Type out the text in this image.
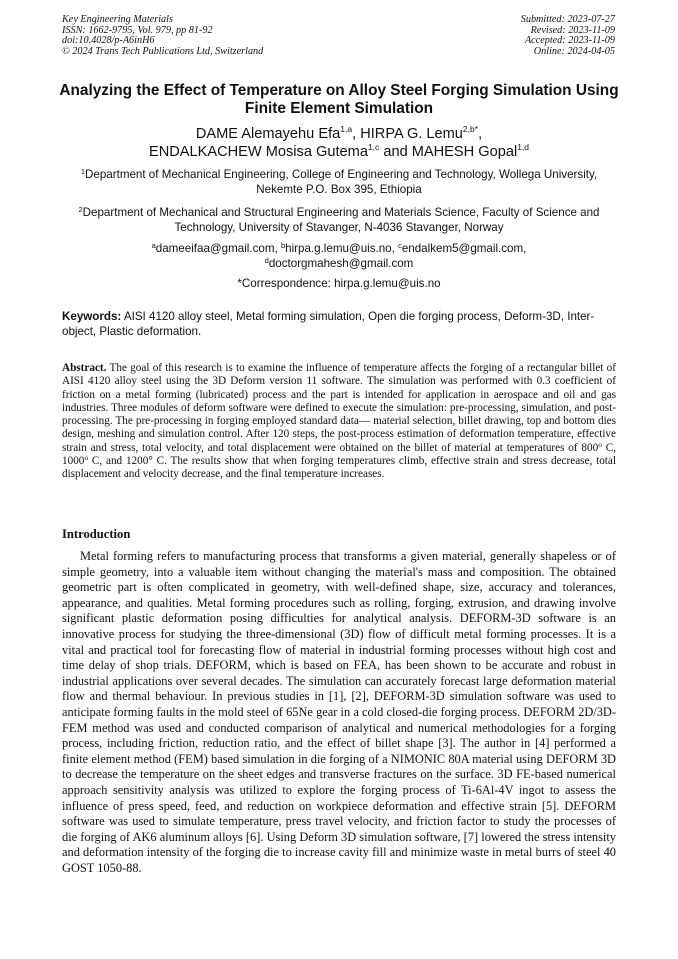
Key Engineering Materials
ISSN: 1662-9795, Vol. 979, pp 81-92
doi:10.4028/p-A6inH6
© 2024 Trans Tech Publications Ltd, Switzerland
Submitted: 2023-07-27
Revised: 2023-11-09
Accepted: 2023-11-09
Online: 2024-04-05
Analyzing the Effect of Temperature on Alloy Steel Forging Simulation Using Finite Element Simulation
DAME Alemayehu Efa$^{1,a}$, HIRPA G. Lemu$^{2,b*}$,
ENDALKACHEW Mosisa Gutema$^{1,c}$ and MAHESH Gopal$^{1,d}$
$^1$Department of Mechanical Engineering, College of Engineering and Technology, Wollega University, Nekemte P.O. Box 395, Ethiopia
$^2$Department of Mechanical and Structural Engineering and Materials Science, Faculty of Science and Technology, University of Stavanger, N-4036 Stavanger, Norway
$^a$dameeifaa@gmail.com, $^b$hirpa.g.lemu@uis.no, $^c$endalkem5@gmail.com,
$^d$doctorgmahesh@gmail.com
*Correspondence: hirpa.g.lemu@uis.no
Keywords: AISI 4120 alloy steel, Metal forming simulation, Open die forging process, Deform-3D, Inter-object, Plastic deformation.
Abstract. The goal of this research is to examine the influence of temperature affects the forging of a rectangular billet of AISI 4120 alloy steel using the 3D Deform version 11 software. The simulation was performed with 0.3 coefficient of friction on a metal forming (lubricated) process and the part is intended for application in aerospace and oil and gas industries. Three modules of deform software were defined to execute the simulation: pre-processing, simulation, and post-processing. The pre-processing in forging employed standard data— material selection, billet drawing, top and bottom dies design, meshing and simulation control. After 120 steps, the post-process estimation of deformation temperature, effective strain and stress, total velocity, and total displacement were obtained on the billet of material at temperatures of 800$^o$ C, 1000$^o$ C, and 1200° C. The results show that when forging temperatures climb, effective strain and stress decrease, total displacement and velocity decrease, and the final temperature increases.
Introduction

Metal forming refers to manufacturing process that transforms a given material, generally shapeless or of simple geometry, into a valuable item without changing the material's mass and composition. The obtained geometric part is often complicated in geometry, with well-defined shape, size, accuracy and tolerances, appearance, and qualities. Metal forming procedures such as rolling, forging, extrusion, and drawing involve significant plastic deformation posing difficulties for analytical analysis. DEFORM-3D software is an innovative process for studying the three-dimensional (3D) flow of difficult metal forming processes. It is a vital and practical tool for forecasting flow of material in industrial forming processes without high cost and time delay of shop trials. DEFORM, which is based on FEA, has been shown to be accurate and robust in industrial applications over several decades. The simulation can accurately forecast large deformation material flow and thermal behaviour. In previous studies in [1], [2], DEFORM-3D simulation software was used to anticipate forming faults in the mold steel of 65Ne gear in a cold closed-die forging process. DEFORM 2D/3D-FEM method was used and conducted comparison of analytical and numerical methodologies for a forging process, including friction, reduction ratio, and the effect of billet shape [3]. The author in [4] performed a finite element method (FEM) based simulation in die forging of a NIMONIC 80A material using DEFORM 3D to decrease the temperature on the sheet edges and transverse fractures on the surface. 3D FE-based numerical approach sensitivity analysis was utilized to explore the forging process of Ti-6Al-4V ingot to assess the influence of press speed, feed, and reduction on workpiece deformation and effective strain [5]. DEFORM software was used to simulate temperature, press travel velocity, and friction factor to study the processes of die forging of AK6 aluminum alloys [6]. Using Deform 3D simulation software, [7] lowered the stress intensity and deformation intensity of the forging die to increase cavity fill and minimize waste in metal burrs of steel 40 GOST 1050-88.
